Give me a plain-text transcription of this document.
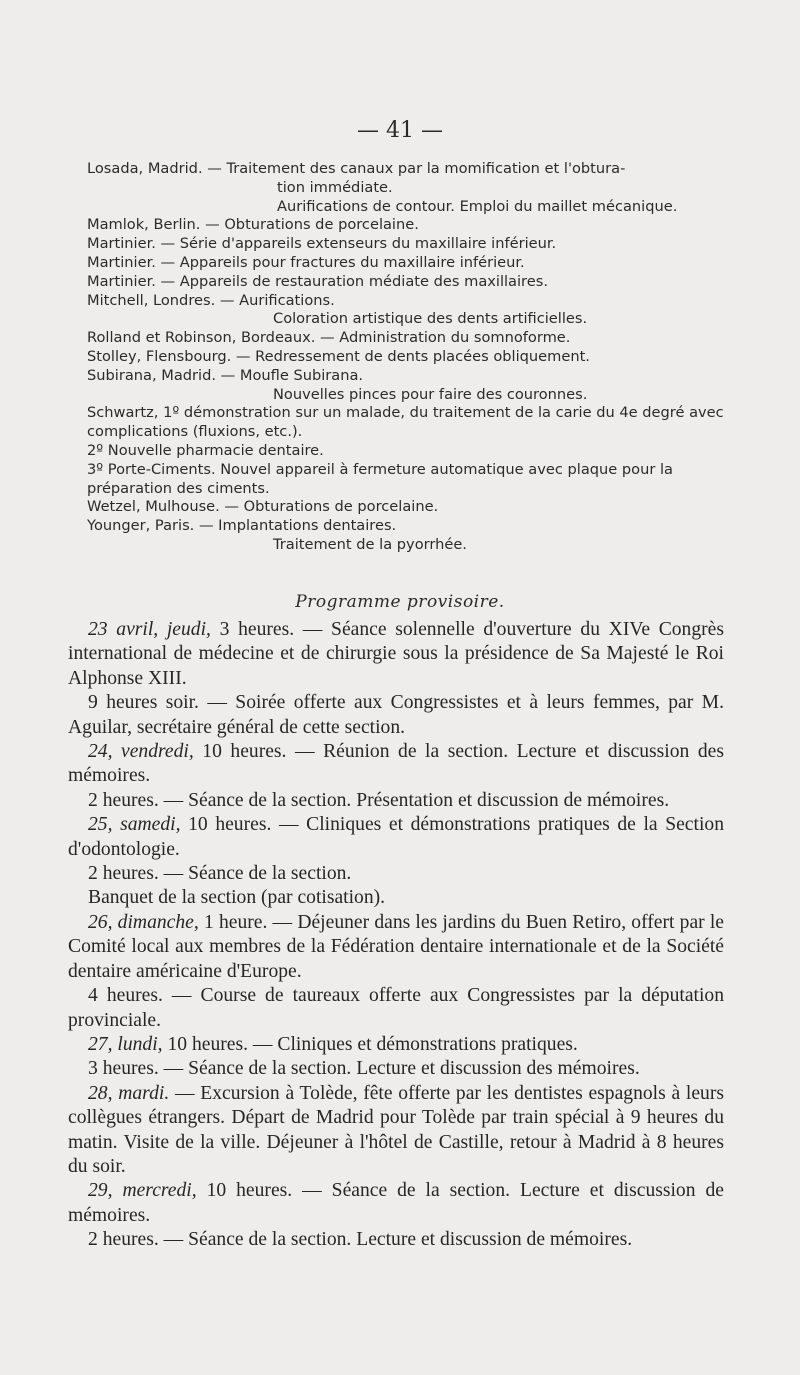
— 41 —
Losada, Madrid. — Traitement des canaux par la momification et l'obtura-
tion immédiate.
Aurifications de contour. Emploi du maillet mécanique.
Mamlok, Berlin. — Obturations de porcelaine.
Martinier. — Série d'appareils extenseurs du maxillaire inférieur.
Martinier. — Appareils pour fractures du maxillaire inférieur.
Martinier. — Appareils de restauration médiate des maxillaires.
Mitchell, Londres. — Aurifications.
Coloration artistique des dents artificielles.
Rolland et Robinson, Bordeaux. — Administration du somnoforme.
Stolley, Flensbourg. — Redressement de dents placées obliquement.
Subirana, Madrid. — Moufle Subirana.
Nouvelles pinces pour faire des couronnes.
Schwartz, 1º démonstration sur un malade, du traitement de la carie du 4e degré avec complications (fluxions, etc.).
2º Nouvelle pharmacie dentaire.
3º Porte-Ciments. Nouvel appareil à fermeture automatique avec plaque pour la préparation des ciments.
Wetzel, Mulhouse. — Obturations de porcelaine.
Younger, Paris. — Implantations dentaires.
Traitement de la pyorrhée.
Programme provisoire.

23 avril, jeudi, 3 heures. — Séance solennelle d'ouverture du XIVe Congrès international de médecine et de chirurgie sous la présidence de Sa Majesté le Roi Alphonse XIII.

9 heures soir. — Soirée offerte aux Congressistes et à leurs femmes, par M. Aguilar, secrétaire général de cette section.

24, vendredi, 10 heures. — Réunion de la section. Lecture et discussion des mémoires.

2 heures. — Séance de la section. Présentation et discussion de mémoires.

25, samedi, 10 heures. — Cliniques et démonstrations pratiques de la Section d'odontologie.

2 heures. — Séance de la section.

Banquet de la section (par cotisation).

26, dimanche, 1 heure. — Déjeuner dans les jardins du Buen Retiro, offert par le Comité local aux membres de la Fédération dentaire internationale et de la Société dentaire américaine d'Europe.

4 heures. — Course de taureaux offerte aux Congressistes par la députation provinciale.

27, lundi, 10 heures. — Cliniques et démonstrations pratiques.

3 heures. — Séance de la section. Lecture et discussion des mémoires.

28, mardi. — Excursion à Tolède, fête offerte par les dentistes espagnols à leurs collègues étrangers. Départ de Madrid pour Tolède par train spécial à 9 heures du matin. Visite de la ville. Déjeuner à l'hôtel de Castille, retour à Madrid à 8 heures du soir.

29, mercredi, 10 heures. — Séance de la section. Lecture et discussion de mémoires.

2 heures. — Séance de la section. Lecture et discussion de mémoires.
